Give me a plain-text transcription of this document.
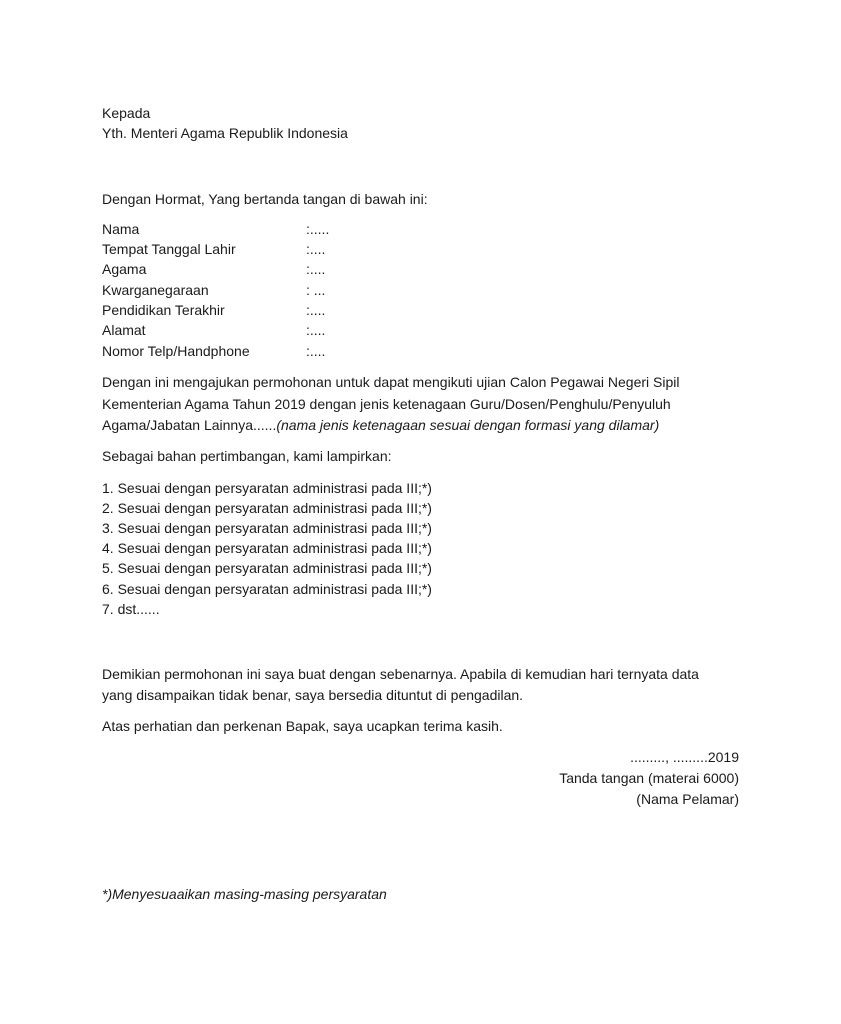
Kepada
Yth. Menteri Agama Republik Indonesia
Dengan Hormat, Yang bertanda tangan di bawah ini:
Nama	:.....
Tempat Tanggal Lahir	:....
Agama	:....
Kwarganegaraan	: ...
Pendidikan Terakhir	:....
Alamat	:....
Nomor Telp/Handphone	:....
Dengan ini mengajukan permohonan untuk dapat mengikuti ujian Calon Pegawai Negeri Sipil
Kementerian Agama Tahun 2019 dengan jenis ketenagaan Guru/Dosen/Penghulu/Penyuluh
Agama/Jabatan Lainnya......(nama jenis ketenagaan sesuai dengan formasi yang dilamar)
Sebagai bahan pertimbangan, kami lampirkan:
1. Sesuai dengan persyaratan administrasi pada III;*)
2. Sesuai dengan persyaratan administrasi pada III;*)
3. Sesuai dengan persyaratan administrasi pada III;*)
4. Sesuai dengan persyaratan administrasi pada III;*)
5. Sesuai dengan persyaratan administrasi pada III;*)
6. Sesuai dengan persyaratan administrasi pada III;*)
7. dst......
Demikian permohonan ini saya buat dengan sebenarnya. Apabila di kemudian hari ternyata data
yang disampaikan tidak benar, saya bersedia dituntut di pengadilan.
Atas perhatian dan perkenan Bapak, saya ucapkan terima kasih.
........., .........2019
Tanda tangan (materai 6000)
(Nama Pelamar)
*)Menyesuaaikan masing-masing persyaratan
